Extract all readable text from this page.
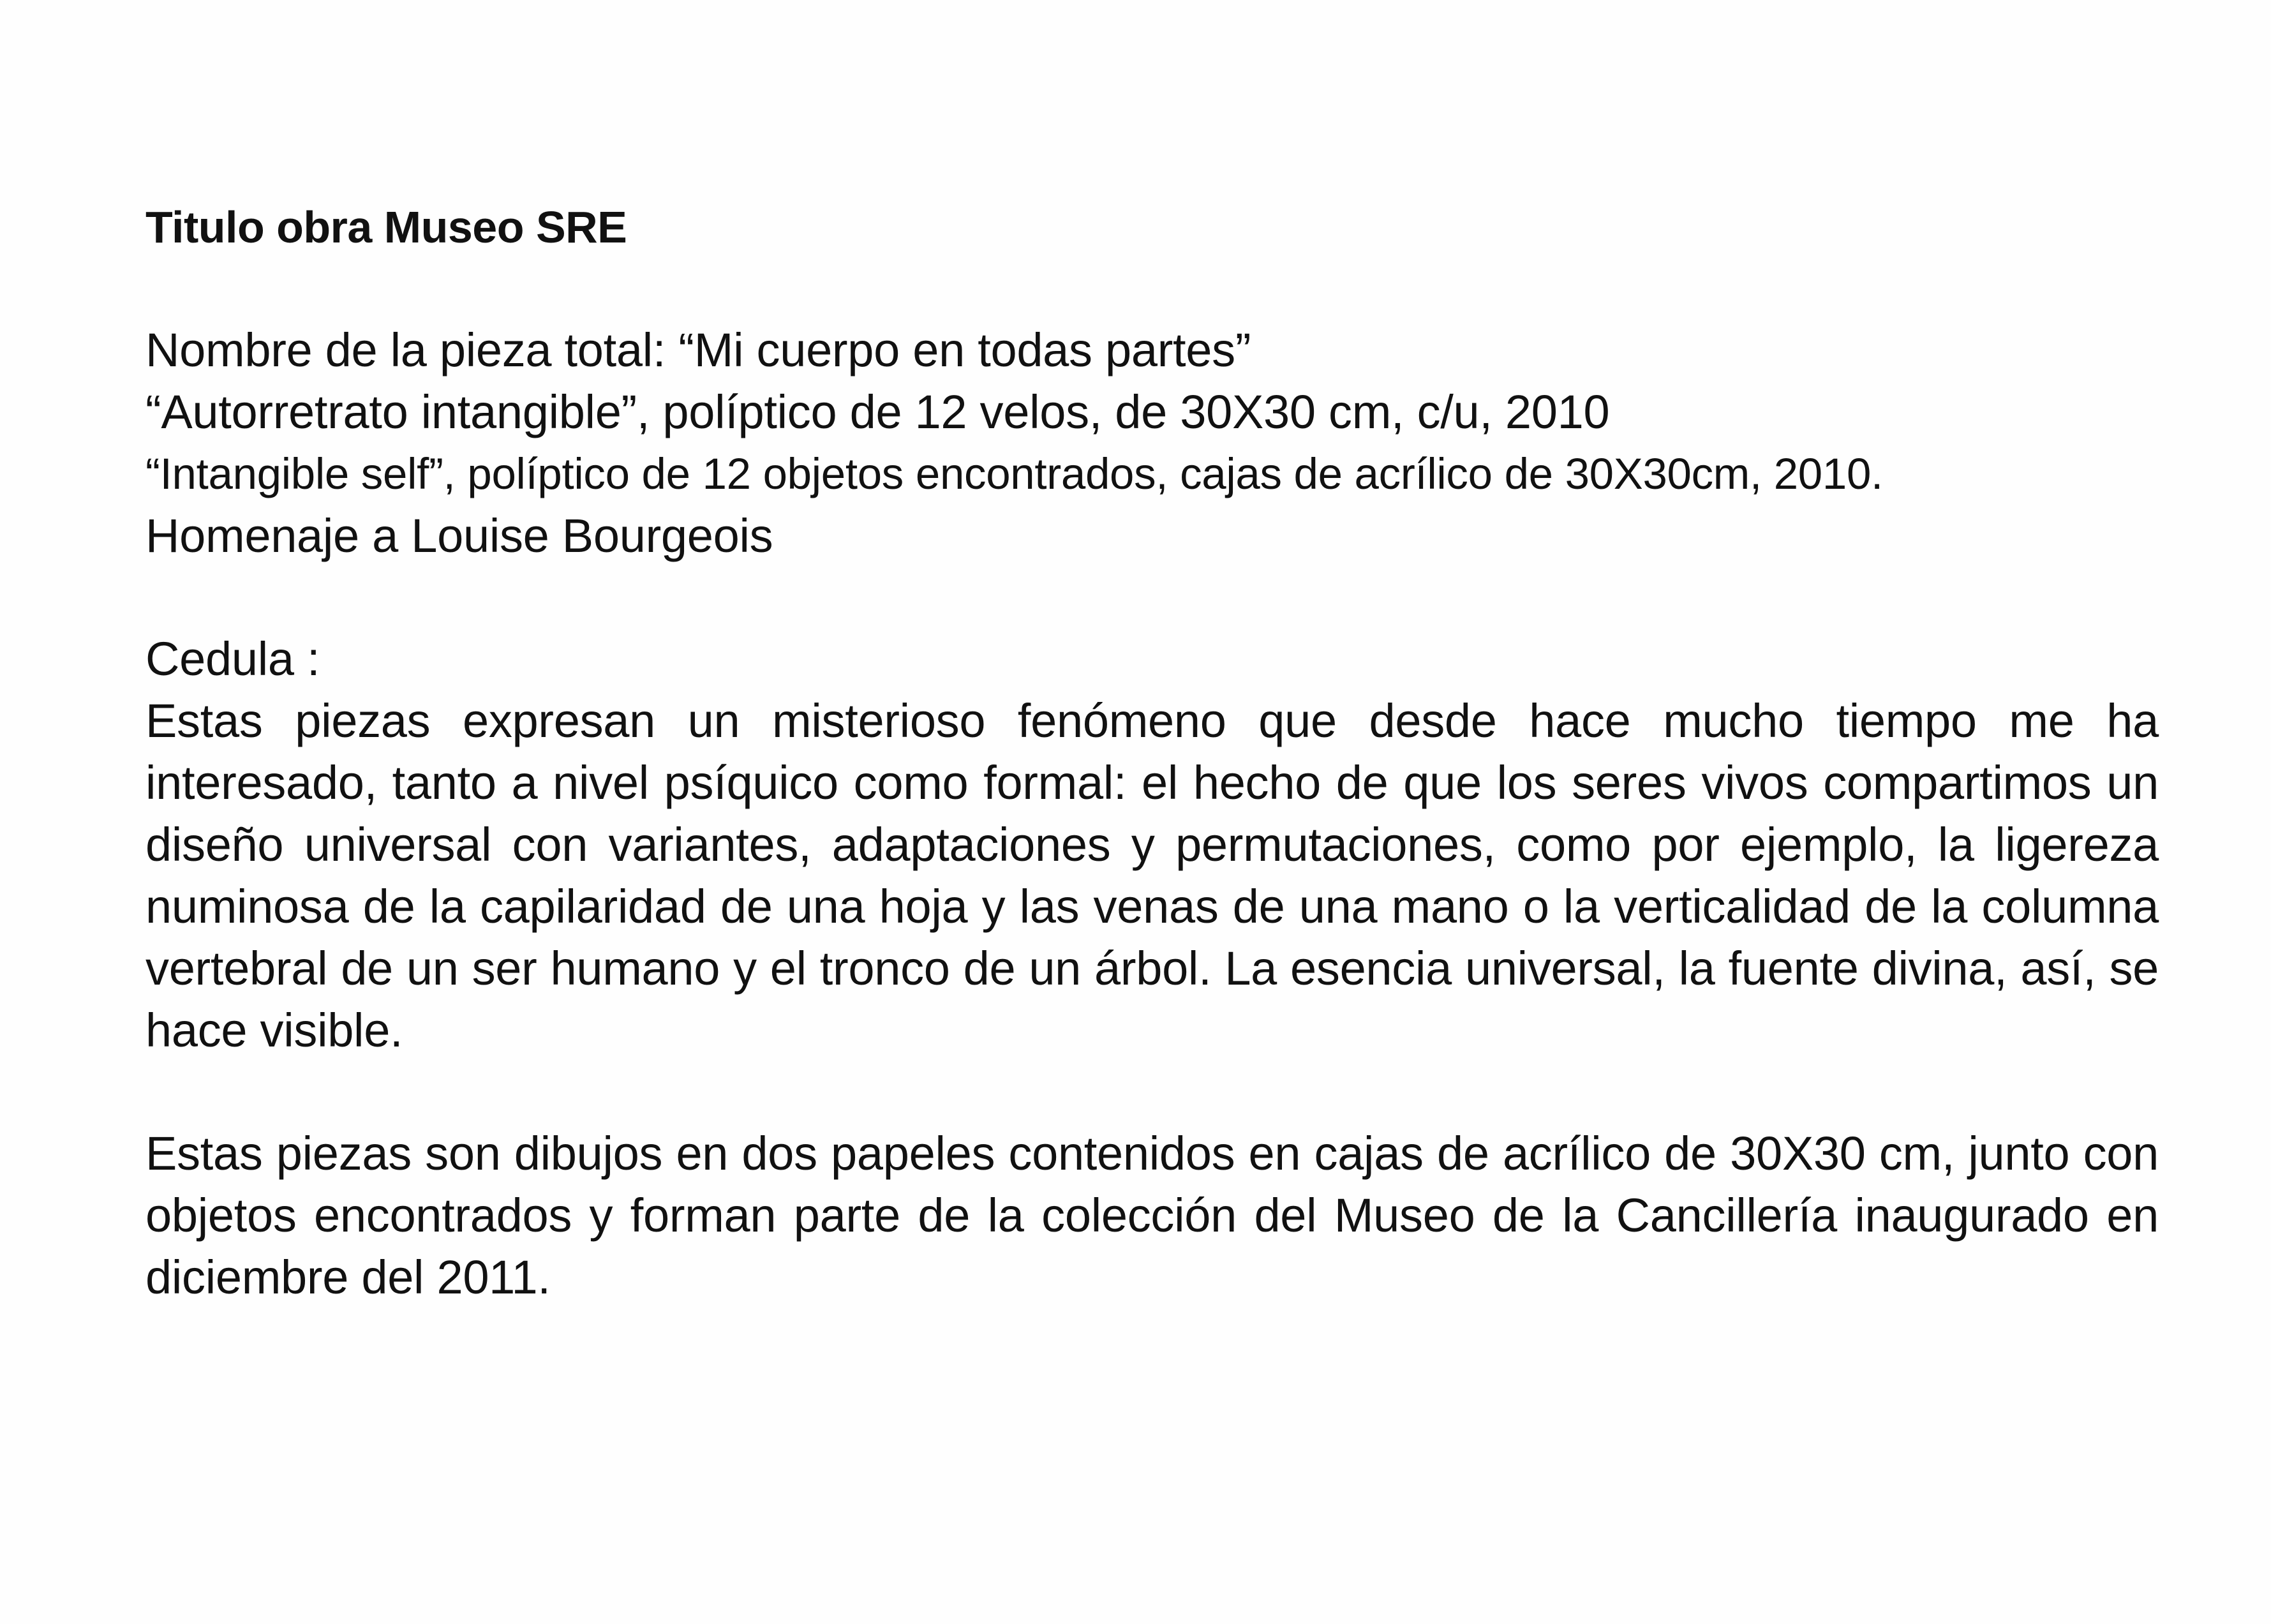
Titulo obra Museo SRE

Nombre de la pieza total: “Mi cuerpo en todas partes”
“Autorretrato intangible”, políptico de 12 velos, de 30X30 cm, c/u, 2010
“Intangible self”, políptico de 12 objetos encontrados, cajas de acrílico de 30X30cm, 2010.
Homenaje a Louise Bourgeois
Cedula :

Estas piezas expresan un misterioso fenómeno que desde hace mucho tiempo me ha interesado, tanto a nivel psíquico como formal: el hecho de que los seres vivos compartimos un diseño universal con variantes, adaptaciones y permutaciones, como por ejemplo, la ligereza numinosa de la capilaridad de una hoja y las venas de una mano o la verticalidad de la columna vertebral de un ser humano y el tronco de un árbol. La esencia universal, la fuente divina, así, se hace visible.

Estas piezas son dibujos en dos papeles contenidos en cajas de acrílico de 30X30 cm, junto con objetos encontrados y forman parte de la colección del Museo de la Cancillería inaugurado en diciembre del 2011.
